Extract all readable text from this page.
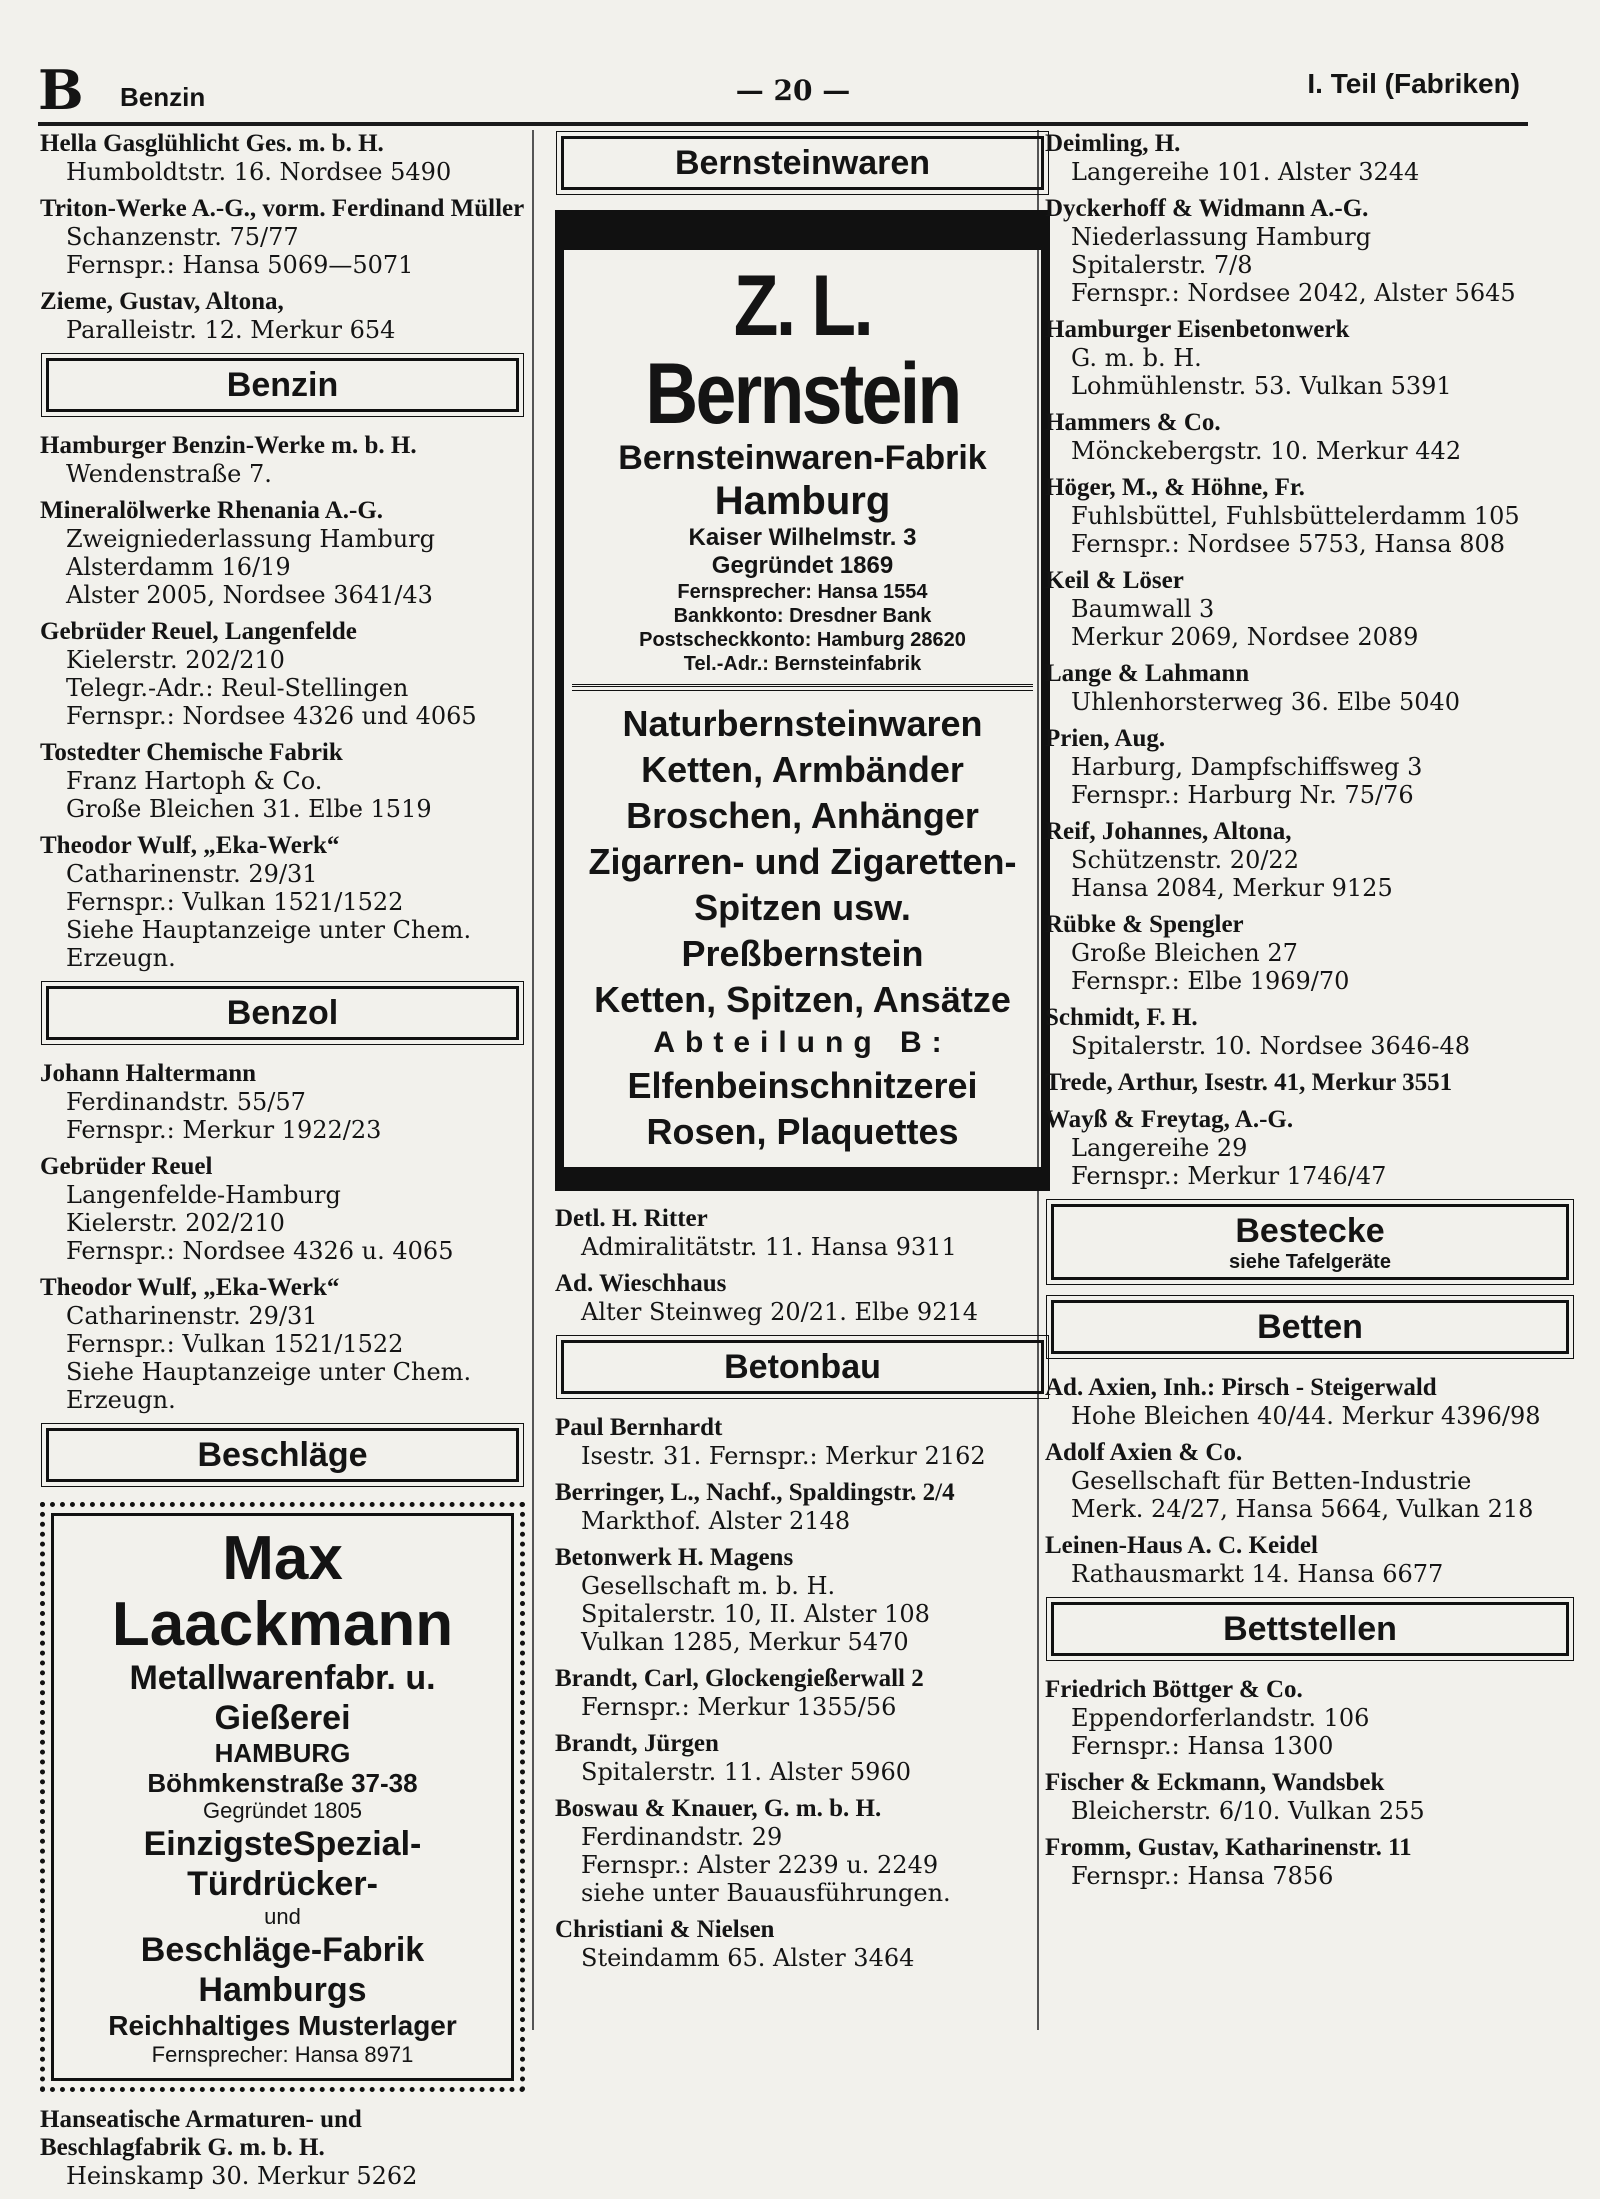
B Benzin	— 20 —	I. Teil (Fabriken)
Hella Gasglühlicht Ges. m. b. H.
Humboldtstr. 16. Nordsee 5490
Triton-Werke A.-G., vorm. Ferdinand Müller
Schanzenstr. 75/77
Fernspr.: Hansa 5069—5071
Zieme, Gustav, Altona,
Paralleistr. 12. Merkur 654
Benzin
Hamburger Benzin-Werke m. b. H.
Wendenstraße 7.
Mineralölwerke Rhenania A.-G.
Zweigniederlassung Hamburg
Alsterdamm 16/19
Alster 2005, Nordsee 3641/43
Gebrüder Reuel, Langenfelde
Kielerstr. 202/210
Telegr.-Adr.: Reul-Stellingen
Fernspr.: Nordsee 4326 und 4065
Tostedter Chemische Fabrik
Franz Hartoph & Co.
Große Bleichen 31. Elbe 1519
Theodor Wulf, „Eka-Werk“
Catharinenstr. 29/31
Fernspr.: Vulkan 1521/1522
Siehe Hauptanzeige unter Chem. Erzeugn.
Benzol
Johann Haltermann
Ferdinandstr. 55/57
Fernspr.: Merkur 1922/23
Gebrüder Reuel
Langenfelde-Hamburg
Kielerstr. 202/210
Fernspr.: Nordsee 4326 u. 4065
Theodor Wulf, „Eka-Werk“
Catharinenstr. 29/31
Fernspr.: Vulkan 1521/1522
Siehe Hauptanzeige unter Chem. Erzeugn.
Beschläge
Max Laackmann
Metallwarenfabr. u. Gießerei
HAMBURG
Böhmkenstraße 37-38
Gegründet 1805
EinzigsteSpezial-Türdrücker-
und
Beschläge-Fabrik Hamburgs
Reichhaltiges Musterlager
Fernsprecher: Hansa 8971
Hanseatische Armaturen- und Beschlagfabrik G. m. b. H.
Heinskamp 30. Merkur 5262
Bernsteinwaren
Z. L. Bernstein
Bernsteinwaren-Fabrik
Hamburg
Kaiser Wilhelmstr. 3
Gegründet 1869
Fernsprecher: Hansa 1554
Bankkonto: Dresdner Bank
Postscheckkonto: Hamburg 28620
Tel.-Adr.: Bernsteinfabrik
Naturbernsteinwaren
Ketten, Armbänder
Broschen, Anhänger
Zigarren- und Zigaretten-
Spitzen usw.
Preßbernstein
Ketten, Spitzen, Ansätze
Abteilung B:
Elfenbeinschnitzerei
Rosen, Plaquettes
Detl. H. Ritter
Admiralitätstr. 11. Hansa 9311
Ad. Wieschhaus
Alter Steinweg 20/21. Elbe 9214
Betonbau
Paul Bernhardt
Isestr. 31. Fernspr.: Merkur 2162
Berringer, L., Nachf., Spaldingstr. 2/4
Markthof. Alster 2148
Betonwerk H. Magens
Gesellschaft m. b. H.
Spitalerstr. 10, II. Alster 108
Vulkan 1285, Merkur 5470
Brandt, Carl, Glockengießerwall 2
Fernspr.: Merkur 1355/56
Brandt, Jürgen
Spitalerstr. 11. Alster 5960
Boswau & Knauer, G. m. b. H.
Ferdinandstr. 29
Fernspr.: Alster 2239 u. 2249
siehe unter Bauausführungen.
Christiani & Nielsen
Steindamm 65. Alster 3464
Deimling, H.
Langereihe 101. Alster 3244
Dyckerhoff & Widmann A.-G.
Niederlassung Hamburg
Spitalerstr. 7/8
Fernspr.: Nordsee 2042, Alster 5645
Hamburger Eisenbetonwerk
G. m. b. H.
Lohmühlenstr. 53. Vulkan 5391
Hammers & Co.
Mönckebergstr. 10. Merkur 442
Höger, M., & Höhne, Fr.
Fuhlsbüttel, Fuhlsbüttelerdamm 105
Fernspr.: Nordsee 5753, Hansa 808
Keil & Löser
Baumwall 3
Merkur 2069, Nordsee 2089
Lange & Lahmann
Uhlenhorsterweg 36. Elbe 5040
Prien, Aug.
Harburg, Dampfschiffsweg 3
Fernspr.: Harburg Nr. 75/76
Reif, Johannes, Altona,
Schützenstr. 20/22
Hansa 2084, Merkur 9125
Rübke & Spengler
Große Bleichen 27
Fernspr.: Elbe 1969/70
Schmidt, F. H.
Spitalerstr. 10. Nordsee 3646-48
Trede, Arthur, Isestr. 41, Merkur 3551
Wayß & Freytag, A.-G.
Langereihe 29
Fernspr.: Merkur 1746/47
Bestecke
siehe Tafelgeräte
Betten
Ad. Axien, Inh.: Pirsch - Steigerwald
Hohe Bleichen 40/44. Merkur 4396/98
Adolf Axien & Co.
Gesellschaft für Betten-Industrie
Merk. 24/27, Hansa 5664, Vulkan 218
Leinen-Haus A. C. Keidel
Rathausmarkt 14. Hansa 6677
Bettstellen
Friedrich Böttger & Co.
Eppendorferlandstr. 106
Fernspr.: Hansa 1300
Fischer & Eckmann, Wandsbek
Bleicherstr. 6/10. Vulkan 255
Fromm, Gustav, Katharinenstr. 11
Fernspr.: Hansa 7856
